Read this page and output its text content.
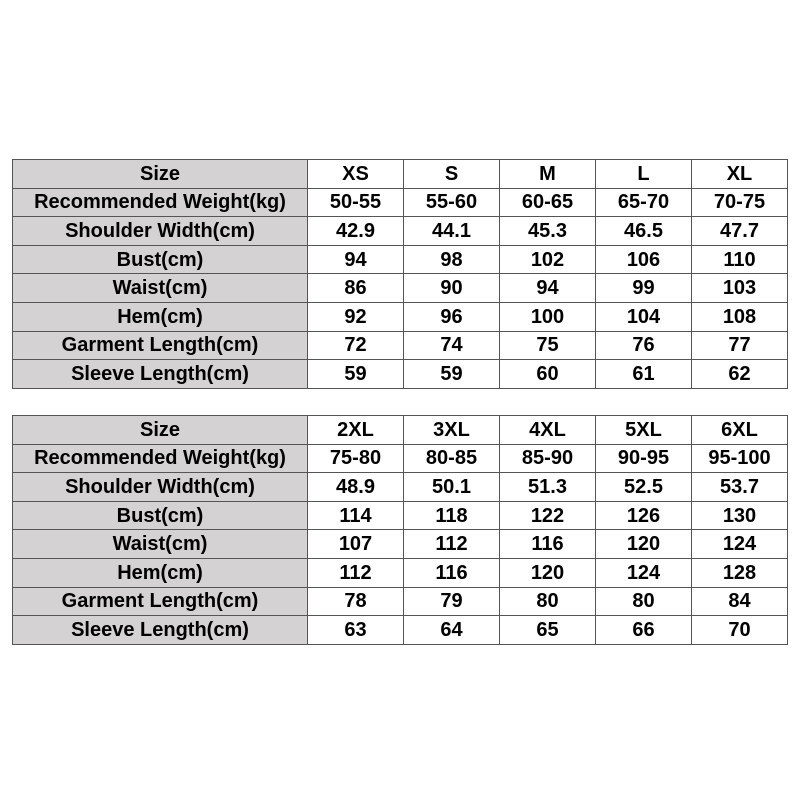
Size	XS	S	M	L	XL
Recommended Weight(kg)	50-55	55-60	60-65	65-70	70-75
Shoulder Width(cm)	42.9	44.1	45.3	46.5	47.7
Bust(cm)	94	98	102	106	110
Waist(cm)	86	90	94	99	103
Hem(cm)	92	96	100	104	108
Garment Length(cm)	72	74	75	76	77
Sleeve Length(cm)	59	59	60	61	62
Size	2XL	3XL	4XL	5XL	6XL
Recommended Weight(kg)	75-80	80-85	85-90	90-95	95-100
Shoulder Width(cm)	48.9	50.1	51.3	52.5	53.7
Bust(cm)	114	118	122	126	130
Waist(cm)	107	112	116	120	124
Hem(cm)	112	116	120	124	128
Garment Length(cm)	78	79	80	80	84
Sleeve Length(cm)	63	64	65	66	70
